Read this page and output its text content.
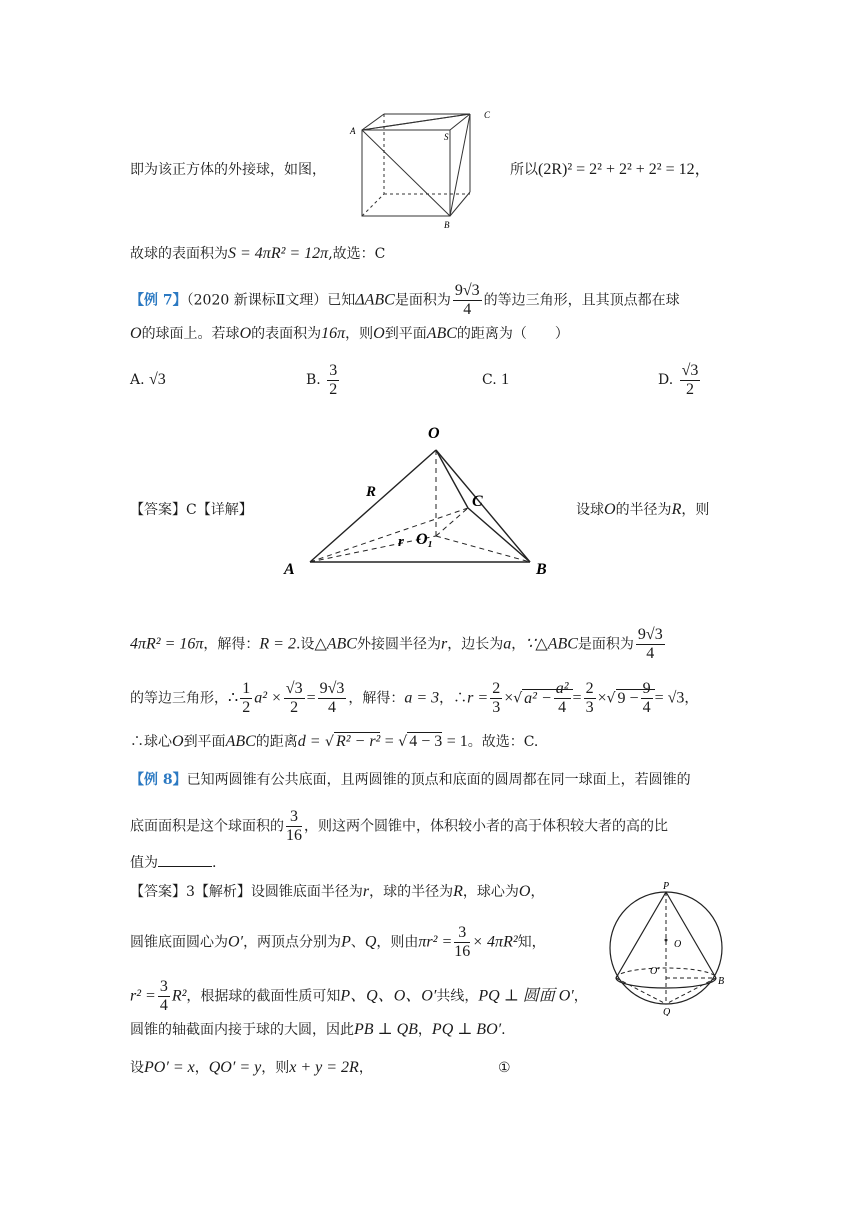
即为该正方体的外接球，如图，
A
S
C
B
所以(2R)² = 2² + 2² + 2² = 12，
故球的表面积为S = 4πR² = 12π,故选：C
【例 7】（2020 新课标Ⅱ文理）已知ΔABC是面积为 $\frac{9√3}{4}$ 的等边三角形，且其顶点都在球
O的球面上。若球O的表面积为16π，则O到平面ABC的距离为（　　）
A. √3	B. $\frac{3}{2}$	C. 1	D. $\frac{√3}{2}$
【答案】C【详解】
O
R
C
r O₁
A	B
设球O的半径为R，则
4πR² = 16π，解得：R = 2.设△ABC外接圆半径为r，边长为a，∵△ABC是面积为 $\frac{9√3}{4}$
的等边三角形，∴ $\frac{1}{2} a^2 \times \frac{√3}{2} = \frac{9√3}{4}$ ，解得：a = 3，∴r = $\frac{2}{3}$ ×√ $a^2 - \frac{\text{a²}}{4} = \frac{2}{3}$ ×√ $9 - \frac{9}{4} = √3$，
∴球心O到平面ABC的距离d = √ R² − r² = √ 4 − 3 = 1。故选：C.
【例 8】已知两圆锥有公共底面，且两圆锥的顶点和底面的圆周都在同一球面上，若圆锥的
底面面积是这个球面积的 $\frac{3}{16}$ ，则这两个圆锥中，体积较小者的高于体积较大者的高的比
值为	.
【答案】3【解析】设圆锥底面半径为r，球的半径为R，球心为O，
圆锥底面圆心为O′，两顶点分别为P、Q，则由$\pi r^2 = \frac{3}{16} \times 4\pi R^2$知，
$r^2 = \frac{3}{4} R^2$，根据球的截面性质可知P、Q、O、O′共线，PQ ⊥ 圆面 O′，
圆锥的轴截面内接于球的大圆，因此PB ⊥ QB，PQ ⊥ BO′.
设PO′ = x，QO′ = y，则x + y = 2R，	①
P
O
O′
B
Q
